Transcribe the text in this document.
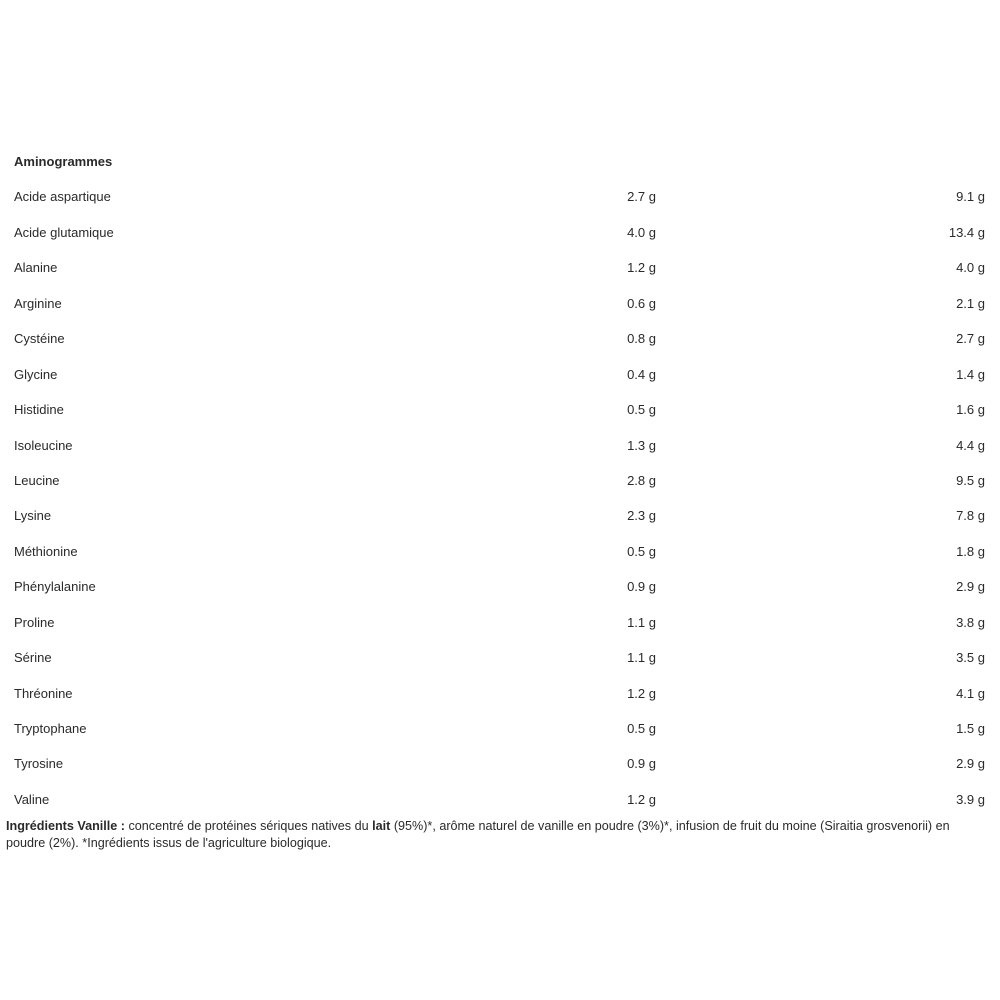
Aminogrammes
Acide aspartique	2.7 g	9.1 g
Acide glutamique	4.0 g	13.4 g
Alanine	1.2 g	4.0 g
Arginine	0.6 g	2.1 g
Cystéine	0.8 g	2.7 g
Glycine	0.4 g	1.4 g
Histidine	0.5 g	1.6 g
Isoleucine	1.3 g	4.4 g
Leucine	2.8 g	9.5 g
Lysine	2.3 g	7.8 g
Méthionine	0.5 g	1.8 g
Phénylalanine	0.9 g	2.9 g
Proline	1.1 g	3.8 g
Sérine	1.1 g	3.5 g
Thréonine	1.2 g	4.1 g
Tryptophane	0.5 g	1.5 g
Tyrosine	0.9 g	2.9 g
Valine	1.2 g	3.9 g
Ingrédients Vanille : concentré de protéines sériques natives du lait (95%)*, arôme naturel de vanille en poudre (3%)*, infusion de fruit du moine (Siraitia grosvenorii) en poudre (2%). *Ingrédients issus de l'agriculture biologique.
